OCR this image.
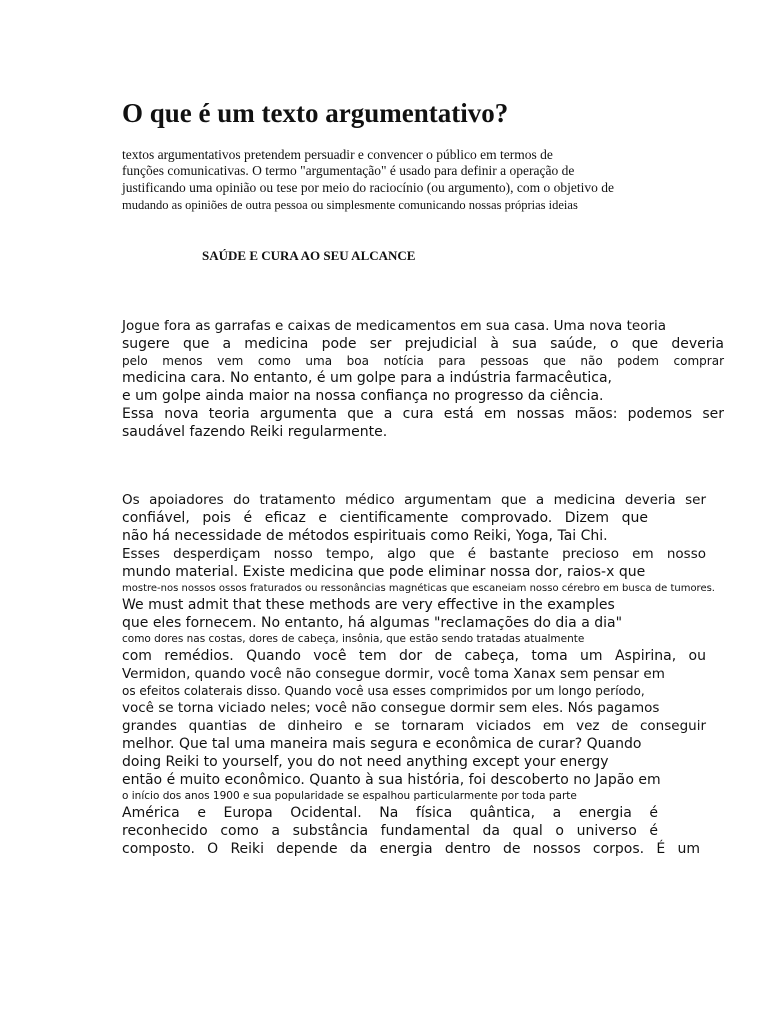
O que é um texto argumentativo?

textos argumentativos pretendem persuadir e convencer o público em termos de

funções comunicativas. O termo "argumentação" é usado para definir a operação de

justificando uma opinião ou tese por meio do raciocínio (ou argumento), com o objetivo de

mudando as opiniões de outra pessoa ou simplesmente comunicando nossas próprias ideias

SAÚDE E CURA AO SEU ALCANCE
Jogue fora as garrafas e caixas de medicamentos em sua casa. Uma nova teoria
sugere que a medicina pode ser prejudicial à sua saúde, o que deveria
pelo menos vem como uma boa notícia para pessoas que não podem comprar
medicina cara. No entanto, é um golpe para a indústria farmacêutica,
e um golpe ainda maior na nossa confiança no progresso da ciência.
Essa nova teoria argumenta que a cura está em nossas mãos: podemos ser
saudável fazendo Reiki regularmente.
Os apoiadores do tratamento médico argumentam que a medicina deveria ser
confiável, pois é eficaz e cientificamente comprovado. Dizem que
não há necessidade de métodos espirituais como Reiki, Yoga, Tai Chi.
Esses desperdiçam nosso tempo, algo que é bastante precioso em nosso
mundo material. Existe medicina que pode eliminar nossa dor, raios-x que
mostre-nos nossos ossos fraturados ou ressonâncias magnéticas que escaneiam nosso cérebro em busca de tumores.
We must admit that these methods are very effective in the examples
que eles fornecem. No entanto, há algumas "reclamações do dia a dia"
como dores nas costas, dores de cabeça, insônia, que estão sendo tratadas atualmente
com remédios. Quando você tem dor de cabeça, toma um Aspirina, ou
Vermidon, quando você não consegue dormir, você toma Xanax sem pensar em
os efeitos colaterais disso. Quando você usa esses comprimidos por um longo período,
você se torna viciado neles; você não consegue dormir sem eles. Nós pagamos
grandes quantias de dinheiro e se tornaram viciados em vez de conseguir
melhor. Que tal uma maneira mais segura e econômica de curar? Quando
doing Reiki to yourself, you do not need anything except your energy
então é muito econômico. Quanto à sua história, foi descoberto no Japão em
o início dos anos 1900 e sua popularidade se espalhou particularmente por toda parte
América e Europa Ocidental. Na física quântica, a energia é
reconhecido como a substância fundamental da qual o universo é
composto. O Reiki depende da energia dentro de nossos corpos. É um
